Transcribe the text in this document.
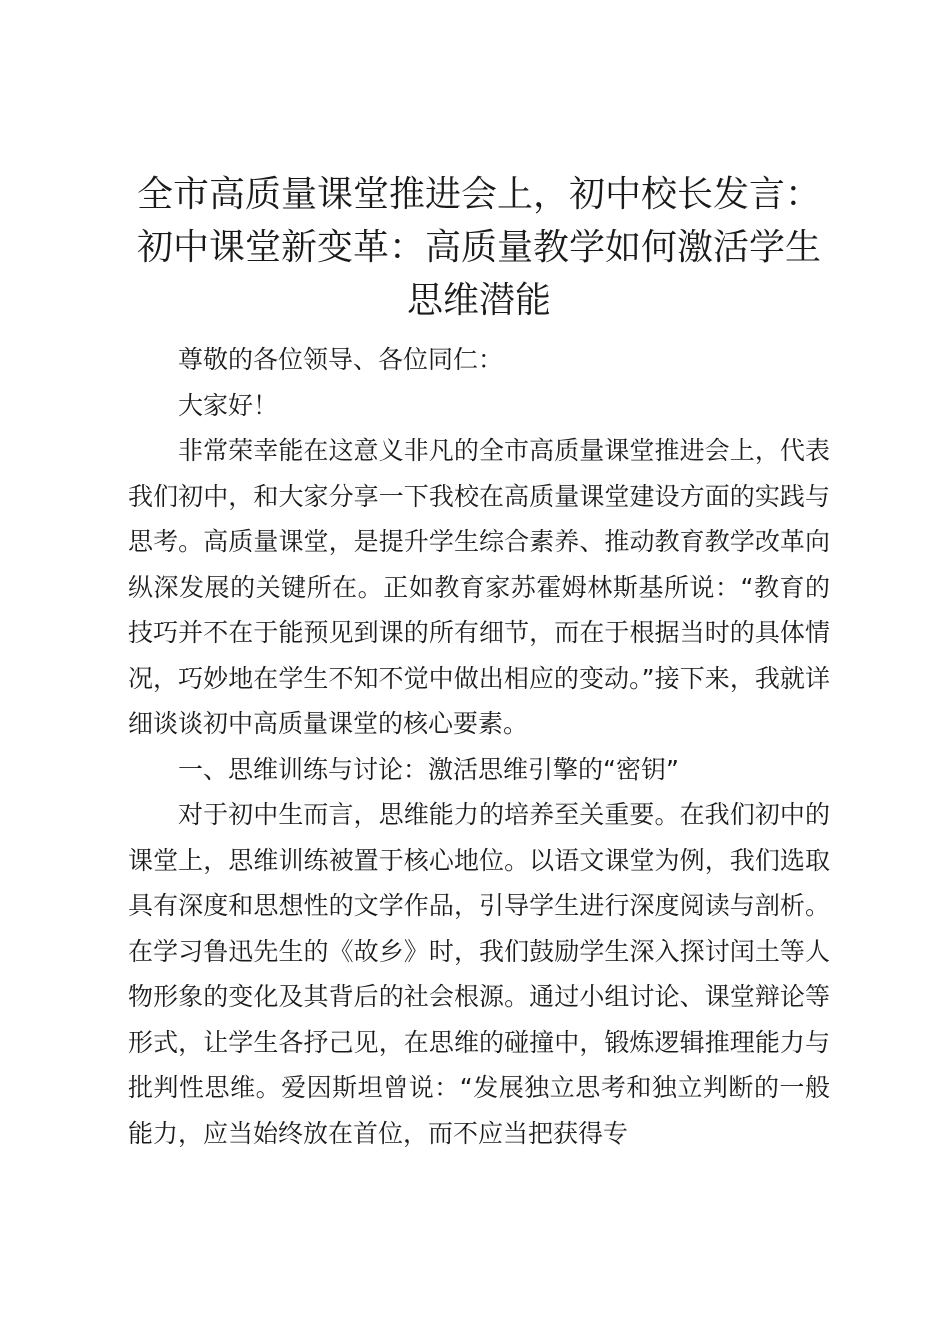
全市高质量课堂推进会上，初中校长发言：初中课堂新变革：高质量教学如何激活学生思维潜能

尊敬的各位领导、各位同仁：

大家好！

非常荣幸能在这意义非凡的全市高质量课堂推进会上，代表我们初中，和大家分享一下我校在高质量课堂建设方面的实践与思考。高质量课堂，是提升学生综合素养、推动教育教学改革向纵深发展的关键所在。正如教育家苏霍姆林斯基所说：“教育的技巧并不在于能预见到课的所有细节，而在于根据当时的具体情况，巧妙地在学生不知不觉中做出相应的变动。”接下来，我就详细谈谈初中高质量课堂的核心要素。

一、思维训练与讨论：激活思维引擎的“密钥”

对于初中生而言，思维能力的培养至关重要。在我们初中的课堂上，思维训练被置于核心地位。以语文课堂为例，我们选取具有深度和思想性的文学作品，引导学生进行深度阅读与剖析。在学习鲁迅先生的《故乡》时，我们鼓励学生深入探讨闰土等人物形象的变化及其背后的社会根源。通过小组讨论、课堂辩论等形式，让学生各抒己见，在思维的碰撞中，锻炼逻辑推理能力与批判性思维。爱因斯坦曾说：“发展独立思考和独立判断的一般能力，应当始终放在首位，而不应当把获得专
